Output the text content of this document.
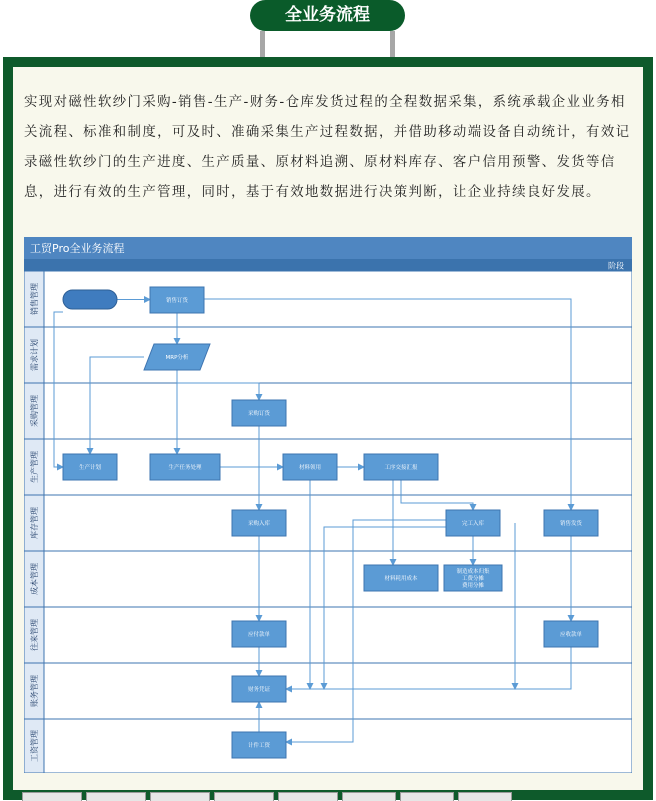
全业务流程
实现对磁性软纱门采购-销售-生产-财务-仓库发货过程的全程数据采集，系统承载企业业务相关流程、标准和制度，可及时、准确采集生产过程数据，并借助移动端设备自动统计，有效记录磁性软纱门的生产进度、生产质量、原材料追溯、原材料库存、客户信用预警、发货等信息，进行有效的生产管理，同时，基于有效地数据进行决策判断，让企业持续良好发展。
销售管理
需求计划
采购管理
生产管理
库存管理
成本管理
往来管理
账务管理
工资管理
销售订货
MRP分析
采购订货
生产计划	生产任务处理	材料领用	工序交接汇报
采购入库	完工入库	销售发货
材料耗用成本
制造成本归集
工费分摊
费用分摊
应付款单	应收款单
财务凭证
计件工资
工贸Pro全业务流程
阶段
